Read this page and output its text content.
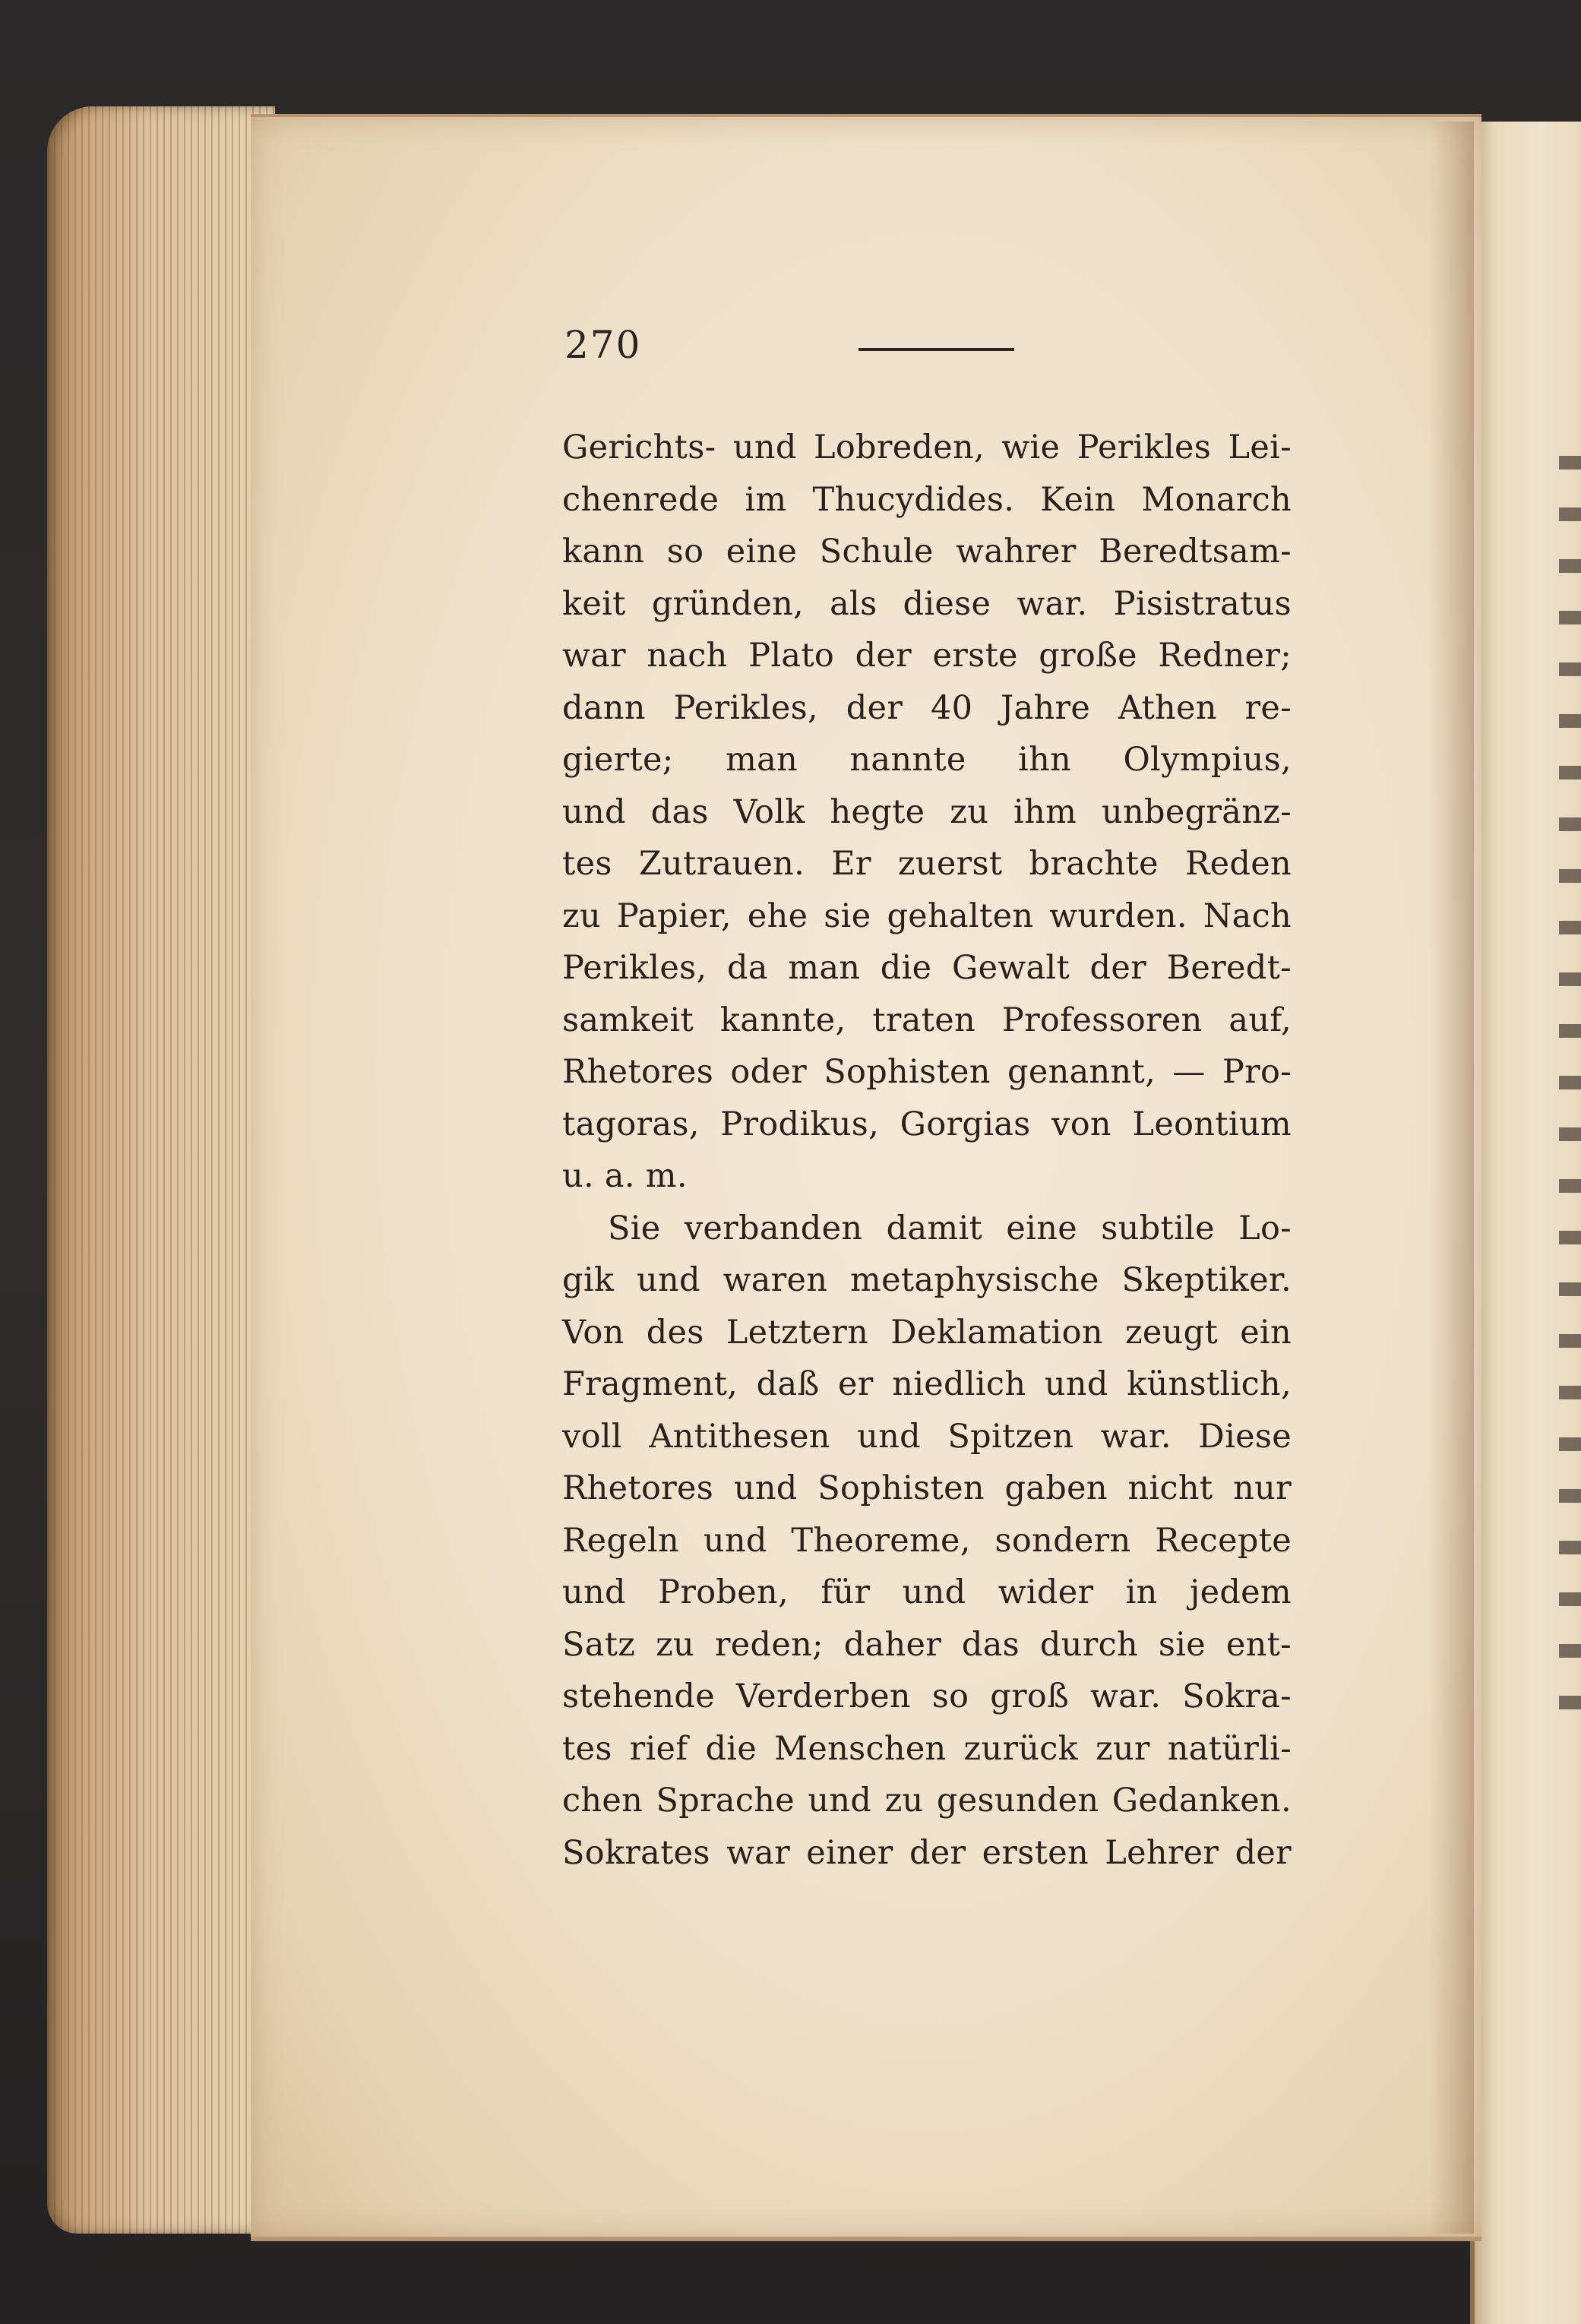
270
Gerichts- und Lobreden, wie Perikles Lei-
chenrede im Thucydides. Kein Monarch
kann so eine Schule wahrer Beredtsam-
keit gründen, als diese war. Pisistratus
war nach Plato der erste große Redner;
dann Perikles, der 40 Jahre Athen re-
gierte; man nannte ihn Olympius,
und das Volk hegte zu ihm unbegränz-
tes Zutrauen. Er zuerst brachte Reden
zu Papier, ehe sie gehalten wurden. Nach
Perikles, da man die Gewalt der Beredt-
samkeit kannte, traten Professoren auf,
Rhetores oder Sophisten genannt, — Pro-
tagoras, Prodikus, Gorgias von Leontium
u. a. m.
Sie verbanden damit eine subtile Lo-
gik und waren metaphysische Skeptiker.
Von des Letztern Deklamation zeugt ein
Fragment, daß er niedlich und künstlich,
voll Antithesen und Spitzen war. Diese
Rhetores und Sophisten gaben nicht nur
Regeln und Theoreme, sondern Recepte
und Proben, für und wider in jedem
Satz zu reden; daher das durch sie ent-
stehende Verderben so groß war. Sokra-
tes rief die Menschen zurück zur natürli-
chen Sprache und zu gesunden Gedanken.
Sokrates war einer der ersten Lehrer der
